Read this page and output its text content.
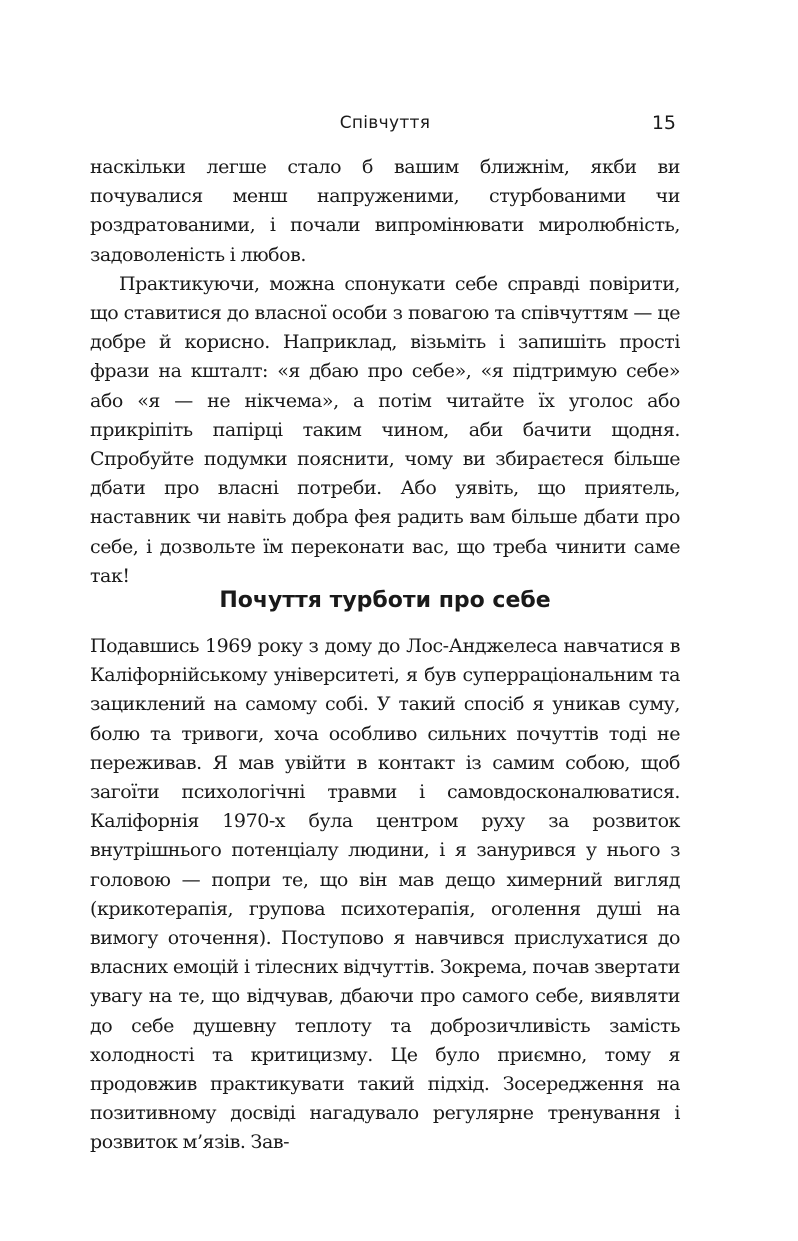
Співчуття	15

наскільки легше стало б вашим ближнім, якби ви почувалися менш напруженими, стурбованими чи роздратованими, і почали випромінювати миролюбність, задоволеність і любов.

Практикуючи, можна спонукати себе справді повірити, що ставитися до власної особи з повагою та співчуттям — це добре й корисно. Наприклад, візьміть і запишіть прості фрази на кшталт: «я дбаю про себе», «я підтримую себе» або «я — не нікчема», а потім читайте їх уголос або прикріпіть папірці таким чином, аби бачити щодня. Спробуйте подумки пояснити, чому ви збираєтеся більше дбати про власні потреби. Або уявіть, що приятель, наставник чи навіть добра фея радить вам більше дбати про себе, і дозвольте їм переконати вас, що треба чинити саме так!

Почуття турботи про себе

Подавшись 1969 року з дому до Лос-Анджелеса навчатися в Каліфорнійському університеті, я був суперраціональним та зациклений на самому собі. У такий спосіб я уникав суму, болю та тривоги, хоча особливо сильних почуттів тоді не переживав. Я мав увійти в контакт із самим собою, щоб загоїти психологічні травми і самовдосконалюватися. Каліфорнія 1970-х була центром руху за розвиток внутрішнього потенціалу людини, і я занурився у нього з головою — попри те, що він мав дещо химерний вигляд (крикотерапія, групова психотерапія, оголення душі на вимогу оточення). Поступово я навчився прислухатися до власних емоцій і тілесних відчуттів. Зокрема, почав звертати увагу на те, що відчував, дбаючи про самого себе, виявляти до себе душевну теплоту та доброзичливість замість холодності та критицизму. Це було приємно, тому я продовжив практикувати такий підхід. Зосередження на позитивному досвіді нагадувало регулярне тренування і розвиток м’язів. Зав-
